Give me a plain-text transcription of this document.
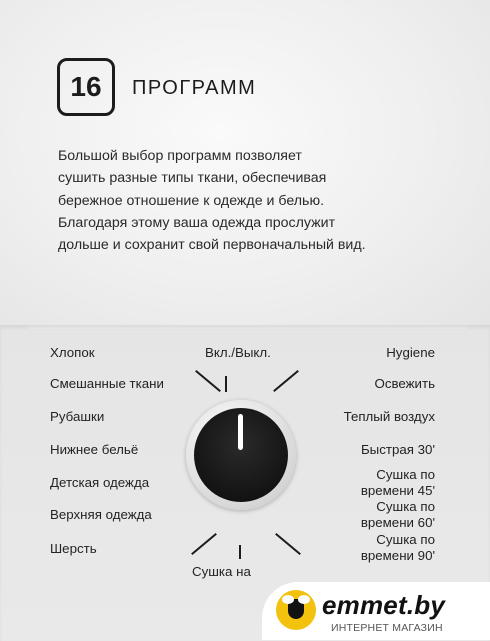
16 ПРОГРАММ
Большой выбор программ позволяет
сушить разные типы ткани, обеспечивая
бережное отношение к одежде и белью.
Благодаря этому ваша одежда прослужит
дольше и сохранит свой первоначальный вид.
Вкл./Выкл.
Хлопок
Смешанные ткани
Рубашки
Нижнее бельё
Детская одежда
Верхняя одежда
Шерсть
Hygiene
Освежить
Теплый воздух
Быстрая 30'
Сушка по
времени 45'
Сушка по
времени 60'
Сушка по
времени 90'
Сушка на
emmet.by
ИНТЕРНЕТ МАГАЗИН
